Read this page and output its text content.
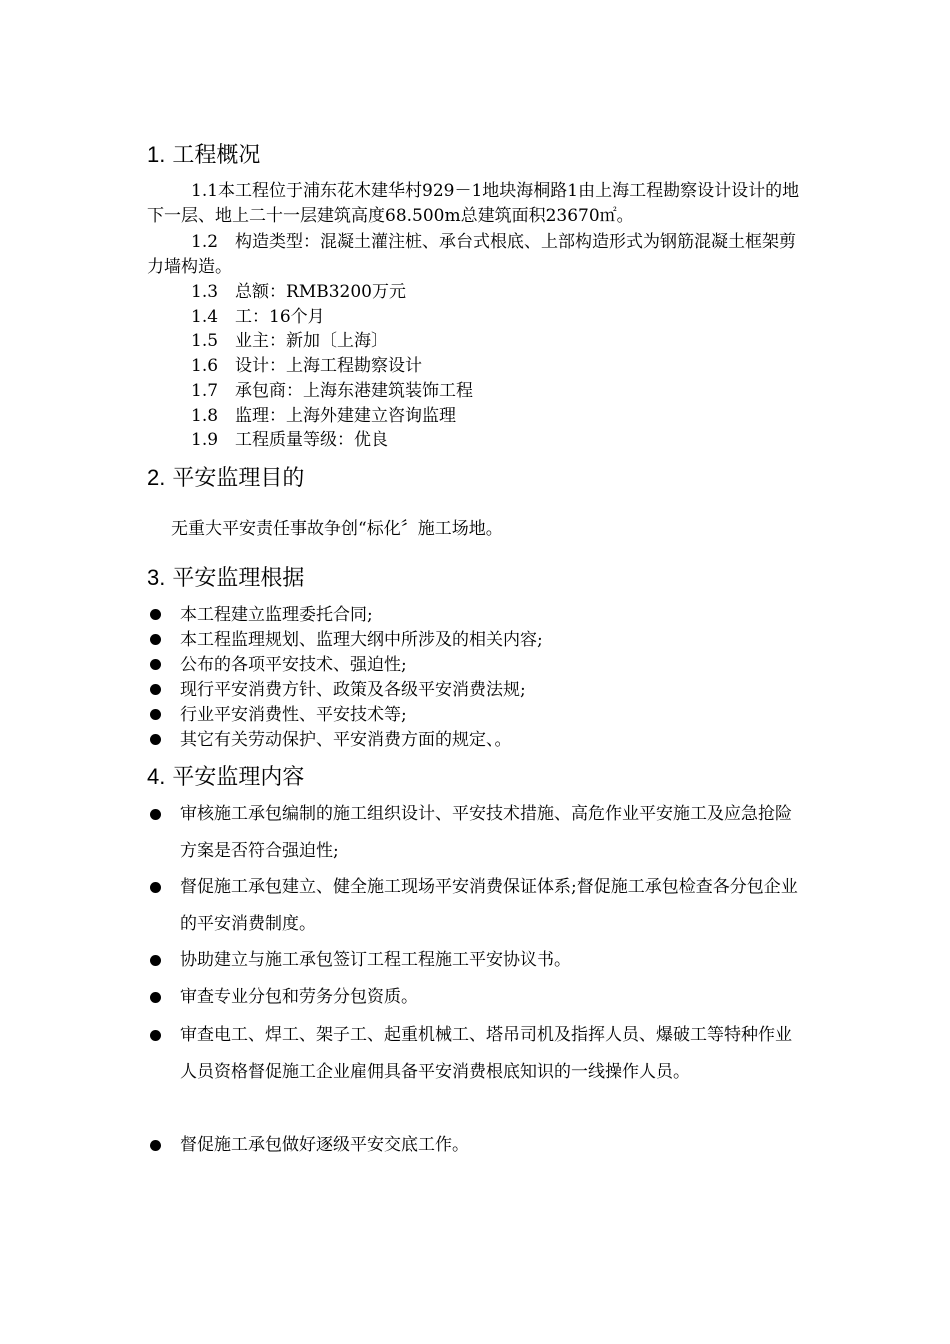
1. 工程概况
1.1本工程位于浦东花木建华村929－1地块海桐路1由上海工程勘察设计设计的地下一层、地上二十一层建筑高度68.500m总建筑面积23670㎡。
1.2　构造类型：混凝土灌注桩、承台式根底、上部构造形式为钢筋混凝土框架剪力墙构造。
1.3　总额：RMB3200万元
1.4　工：16个月
1.5　业主：新加〔上海〕
1.6　设计：上海工程勘察设计
1.7　承包商：上海东港建筑装饰工程
1.8　监理：上海外建建立咨询监理
1.9　工程质量等级：优良
2. 平安监理目的
无重大平安责任事故争创“标化〞施工场地。
3. 平安监理根据
本工程建立监理委托合同;
本工程监理规划、监理大纲中所涉及的相关内容;
公布的各项平安技术、强迫性;
现行平安消费方针、政策及各级平安消费法规;
行业平安消费性、平安技术等;
其它有关劳动保护、平安消费方面的规定、。
4. 平安监理内容
审核施工承包编制的施工组织设计、平安技术措施、高危作业平安施工及应急抢险方案是否符合强迫性;
督促施工承包建立、健全施工现场平安消费保证体系;督促施工承包检查各分包企业的平安消费制度。
协助建立与施工承包签订工程工程施工平安协议书。
审查专业分包和劳务分包资质。
审查电工、焊工、架子工、起重机械工、塔吊司机及指挥人员、爆破工等特种作业人员资格督促施工企业雇佣具备平安消费根底知识的一线操作人员。
督促施工承包做好逐级平安交底工作。
